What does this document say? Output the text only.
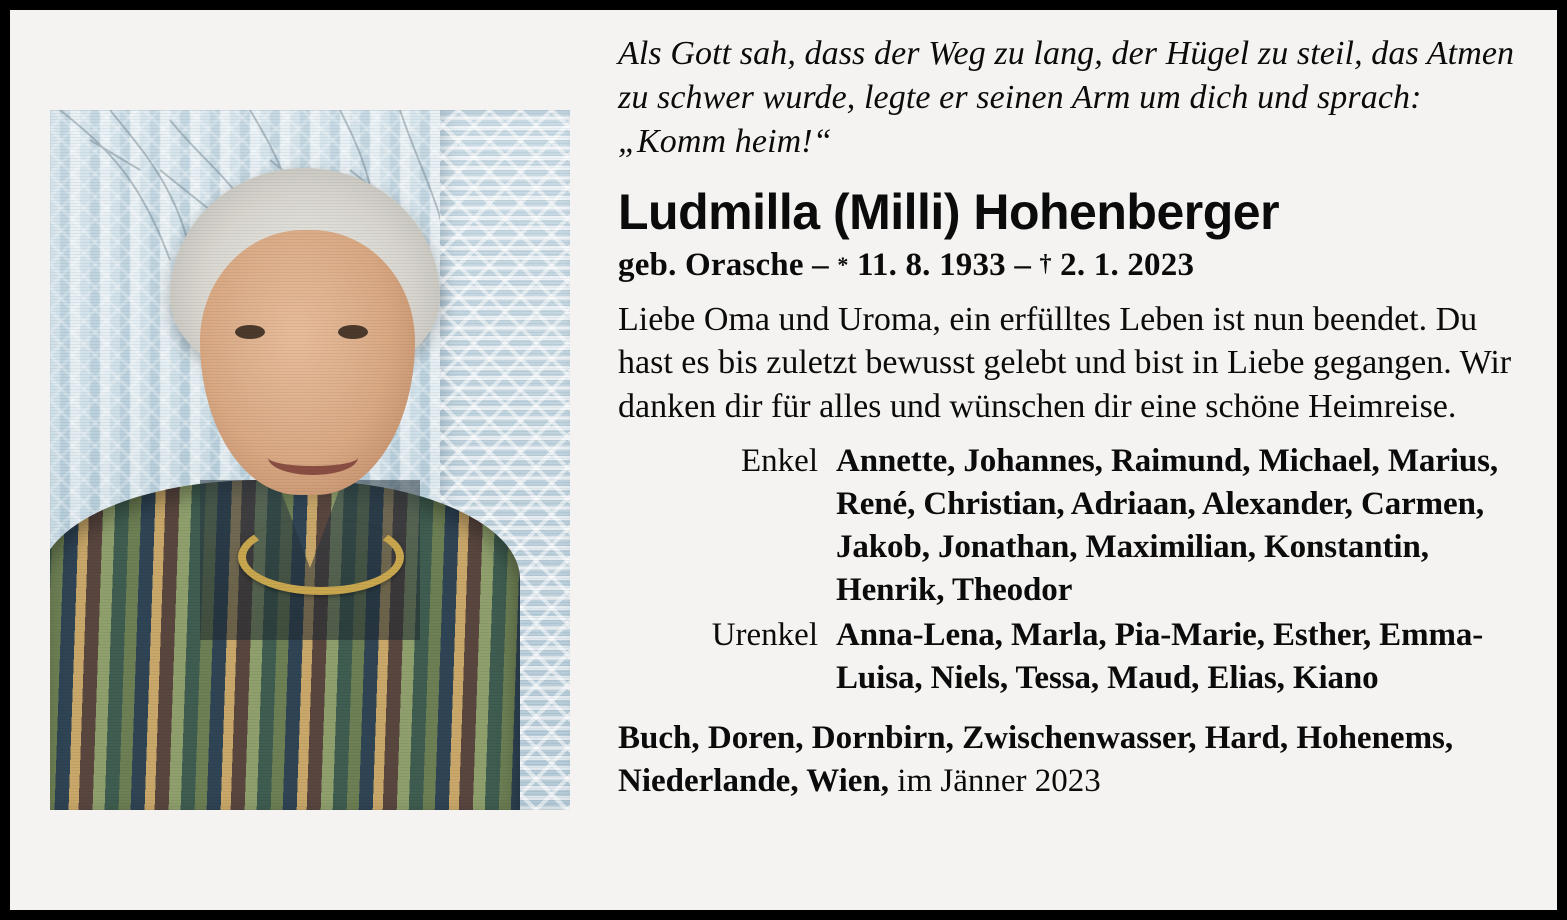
Als Gott sah, dass der Weg zu lang, der Hügel zu steil, das Atmen zu schwer wurde, legte er seinen Arm um dich und sprach: „Komm heim!“
Ludmilla (Milli) Hohenberger
geb. Orasche – * 11. 8. 1933 – † 2. 1. 2023
Liebe Oma und Uroma, ein erfülltes Leben ist nun beendet. Du hast es bis zuletzt bewusst gelebt und bist in Liebe gegangen. Wir danken dir für alles und wünschen dir eine schöne Heimreise.
Enkel Annette, Johannes, Raimund, Michael, Marius, René, Christian, Adriaan, Alexander, Carmen, Jakob, Jonathan, Maximilian, Konstantin, Henrik, Theodor
Urenkel Anna-Lena, Marla, Pia-Marie, Esther, Emma-Luisa, Niels, Tessa, Maud, Elias, Kiano
Buch, Doren, Dornbirn, Zwischenwasser, Hard, Hohenems, Niederlande, Wien, im Jänner 2023
